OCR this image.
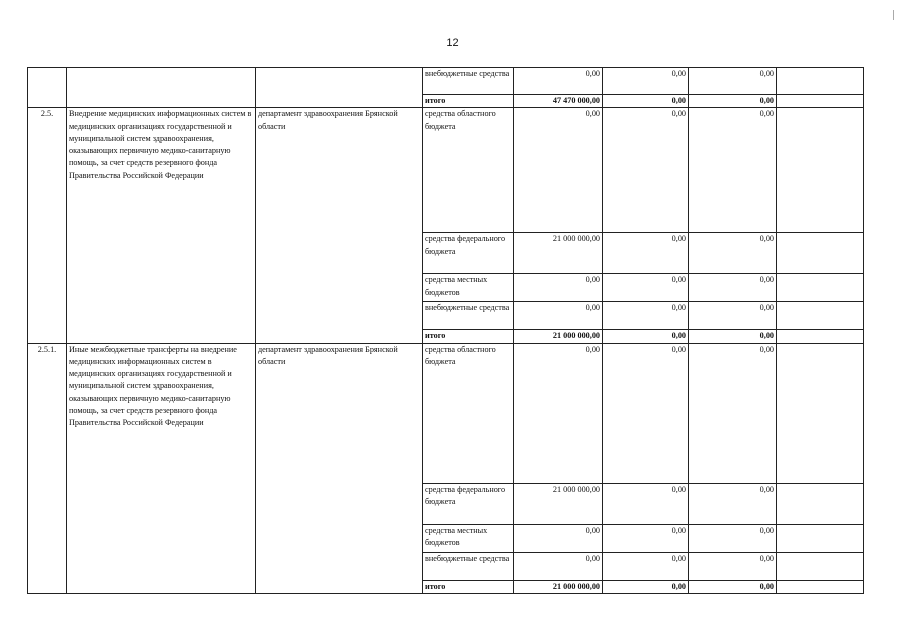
12
			внебюджетные средства	0,00	0,00	0,00	
			итого	47 470 000,00	0,00	0,00	
2.5.	Внедрение медицинских информационных систем в медицинских организациях государственной и муниципальной систем здравоохранения, оказывающих первичную медико-санитарную помощь, за счет средств резервного фонда Правительства Российской Федерации	департамент здравоохранения Брянской области	средства областного бюджета	0,00	0,00	0,00	
			средства федерального бюджета	21 000 000,00	0,00	0,00	
			средства местных бюджетов	0,00	0,00	0,00	
			внебюджетные средства	0,00	0,00	0,00	
			итого	21 000 000,00	0,00	0,00	
2.5.1.	Иные межбюджетные трансферты на внедрение медицинских информационных систем в медицинских организациях государственной и муниципальной систем здравоохранения, оказывающих первичную медико-санитарную помощь, за счет средств резервного фонда Правительства Российской Федерации	департамент здравоохранения Брянской области	средства областного бюджета	0,00	0,00	0,00	
			средства федерального бюджета	21 000 000,00	0,00	0,00	
			средства местных бюджетов	0,00	0,00	0,00	
			внебюджетные средства	0,00	0,00	0,00	
			итого	21 000 000,00	0,00	0,00	
